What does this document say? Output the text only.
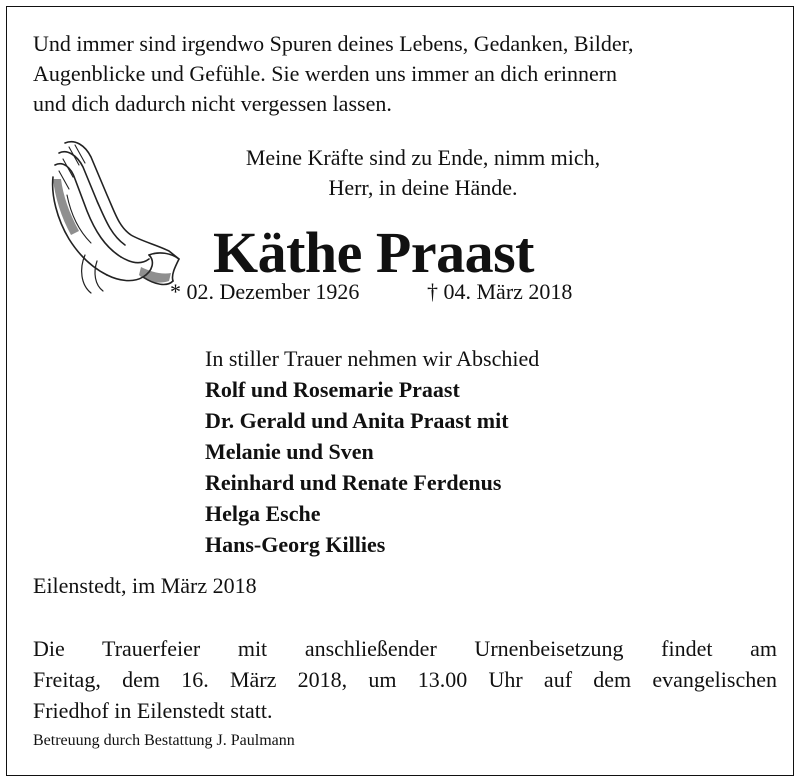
Und immer sind irgendwo Spuren deines Lebens, Gedanken, Bilder,
Augenblicke und Gefühle. Sie werden uns immer an dich erinnern
und dich dadurch nicht vergessen lassen.
Meine Kräfte sind zu Ende, nimm mich,
Herr, in deine Hände.
Käthe Praast
* 02. Dezember 1926	† 04. März 2018
In stiller Trauer nehmen wir Abschied
Rolf und Rosemarie Praast
Dr. Gerald und Anita Praast mit
Melanie und Sven
Reinhard und Renate Ferdenus
Helga Esche
Hans-Georg Killies
Eilenstedt, im März 2018
Die Trauerfeier mit anschließender Urnenbeisetzung findet am
Freitag, dem 16. März 2018, um 13.00 Uhr auf dem evangelischen
Friedhof in Eilenstedt statt.
Betreuung durch Bestattung J. Paulmann
